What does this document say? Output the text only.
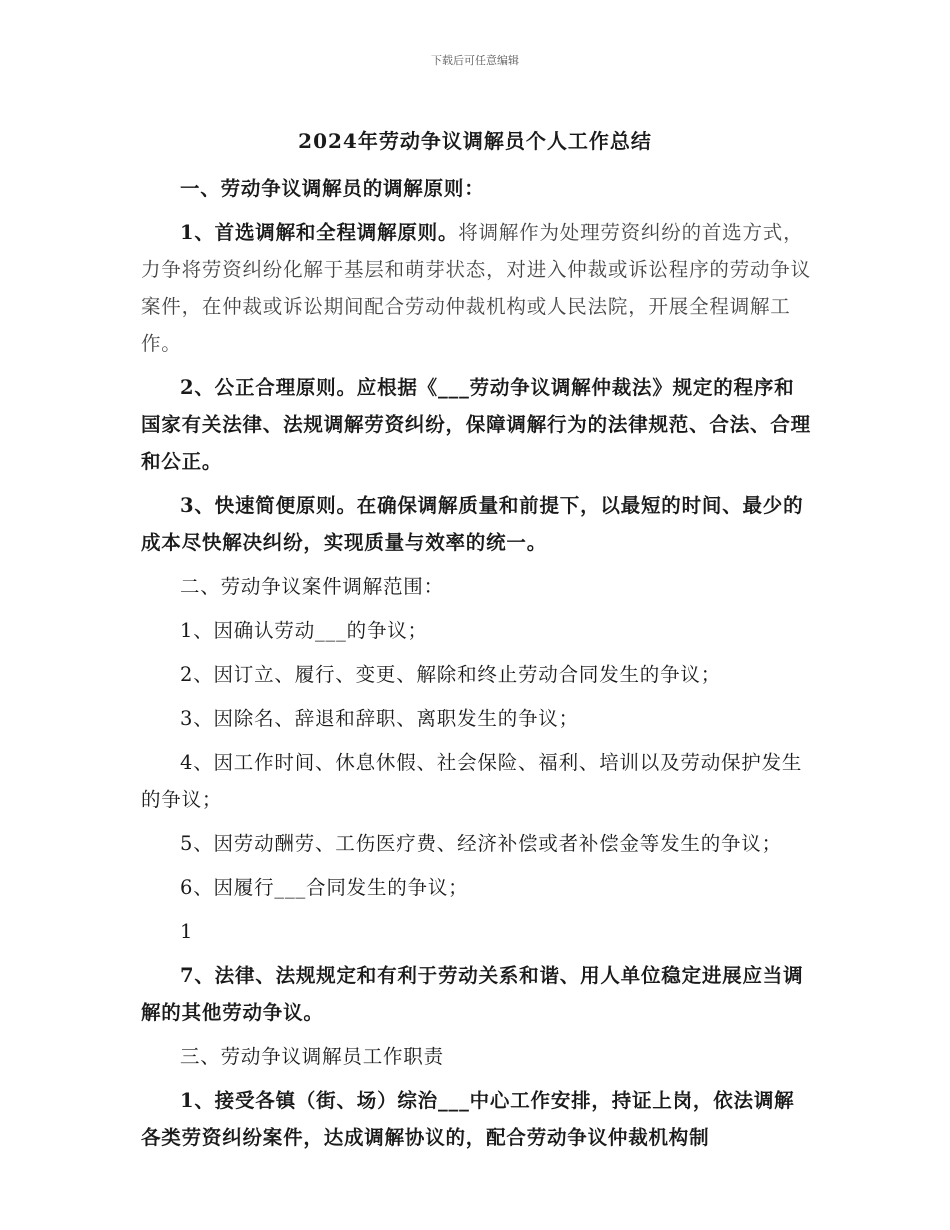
下载后可任意编辑
2024年劳动争议调解员个人工作总结

一、劳动争议调解员的调解原则：

1、首选调解和全程调解原则。将调解作为处理劳资纠纷的首选方式，力争将劳资纠纷化解于基层和萌芽状态，对进入仲裁或诉讼程序的劳动争议案件，在仲裁或诉讼期间配合劳动仲裁机构或人民法院，开展全程调解工作。

2、公正合理原则。应根据《___劳动争议调解仲裁法》规定的程序和国家有关法律、法规调解劳资纠纷，保障调解行为的法律规范、合法、合理和公正。

3、快速简便原则。在确保调解质量和前提下，以最短的时间、最少的成本尽快解决纠纷，实现质量与效率的统一。

二、劳动争议案件调解范围：

1、因确认劳动___的争议；

2、因订立、履行、变更、解除和终止劳动合同发生的争议；

3、因除名、辞退和辞职、离职发生的争议；

4、因工作时间、休息休假、社会保险、福利、培训以及劳动保护发生的争议；

5、因劳动酬劳、工伤医疗费、经济补偿或者补偿金等发生的争议；

6、因履行___合同发生的争议；

1

7、法律、法规规定和有利于劳动关系和谐、用人单位稳定进展应当调解的其他劳动争议。

三、劳动争议调解员工作职责

1、接受各镇（街、场）综治___中心工作安排，持证上岗，依法调解各类劳资纠纷案件，达成调解协议的，配合劳动争议仲裁机构制
